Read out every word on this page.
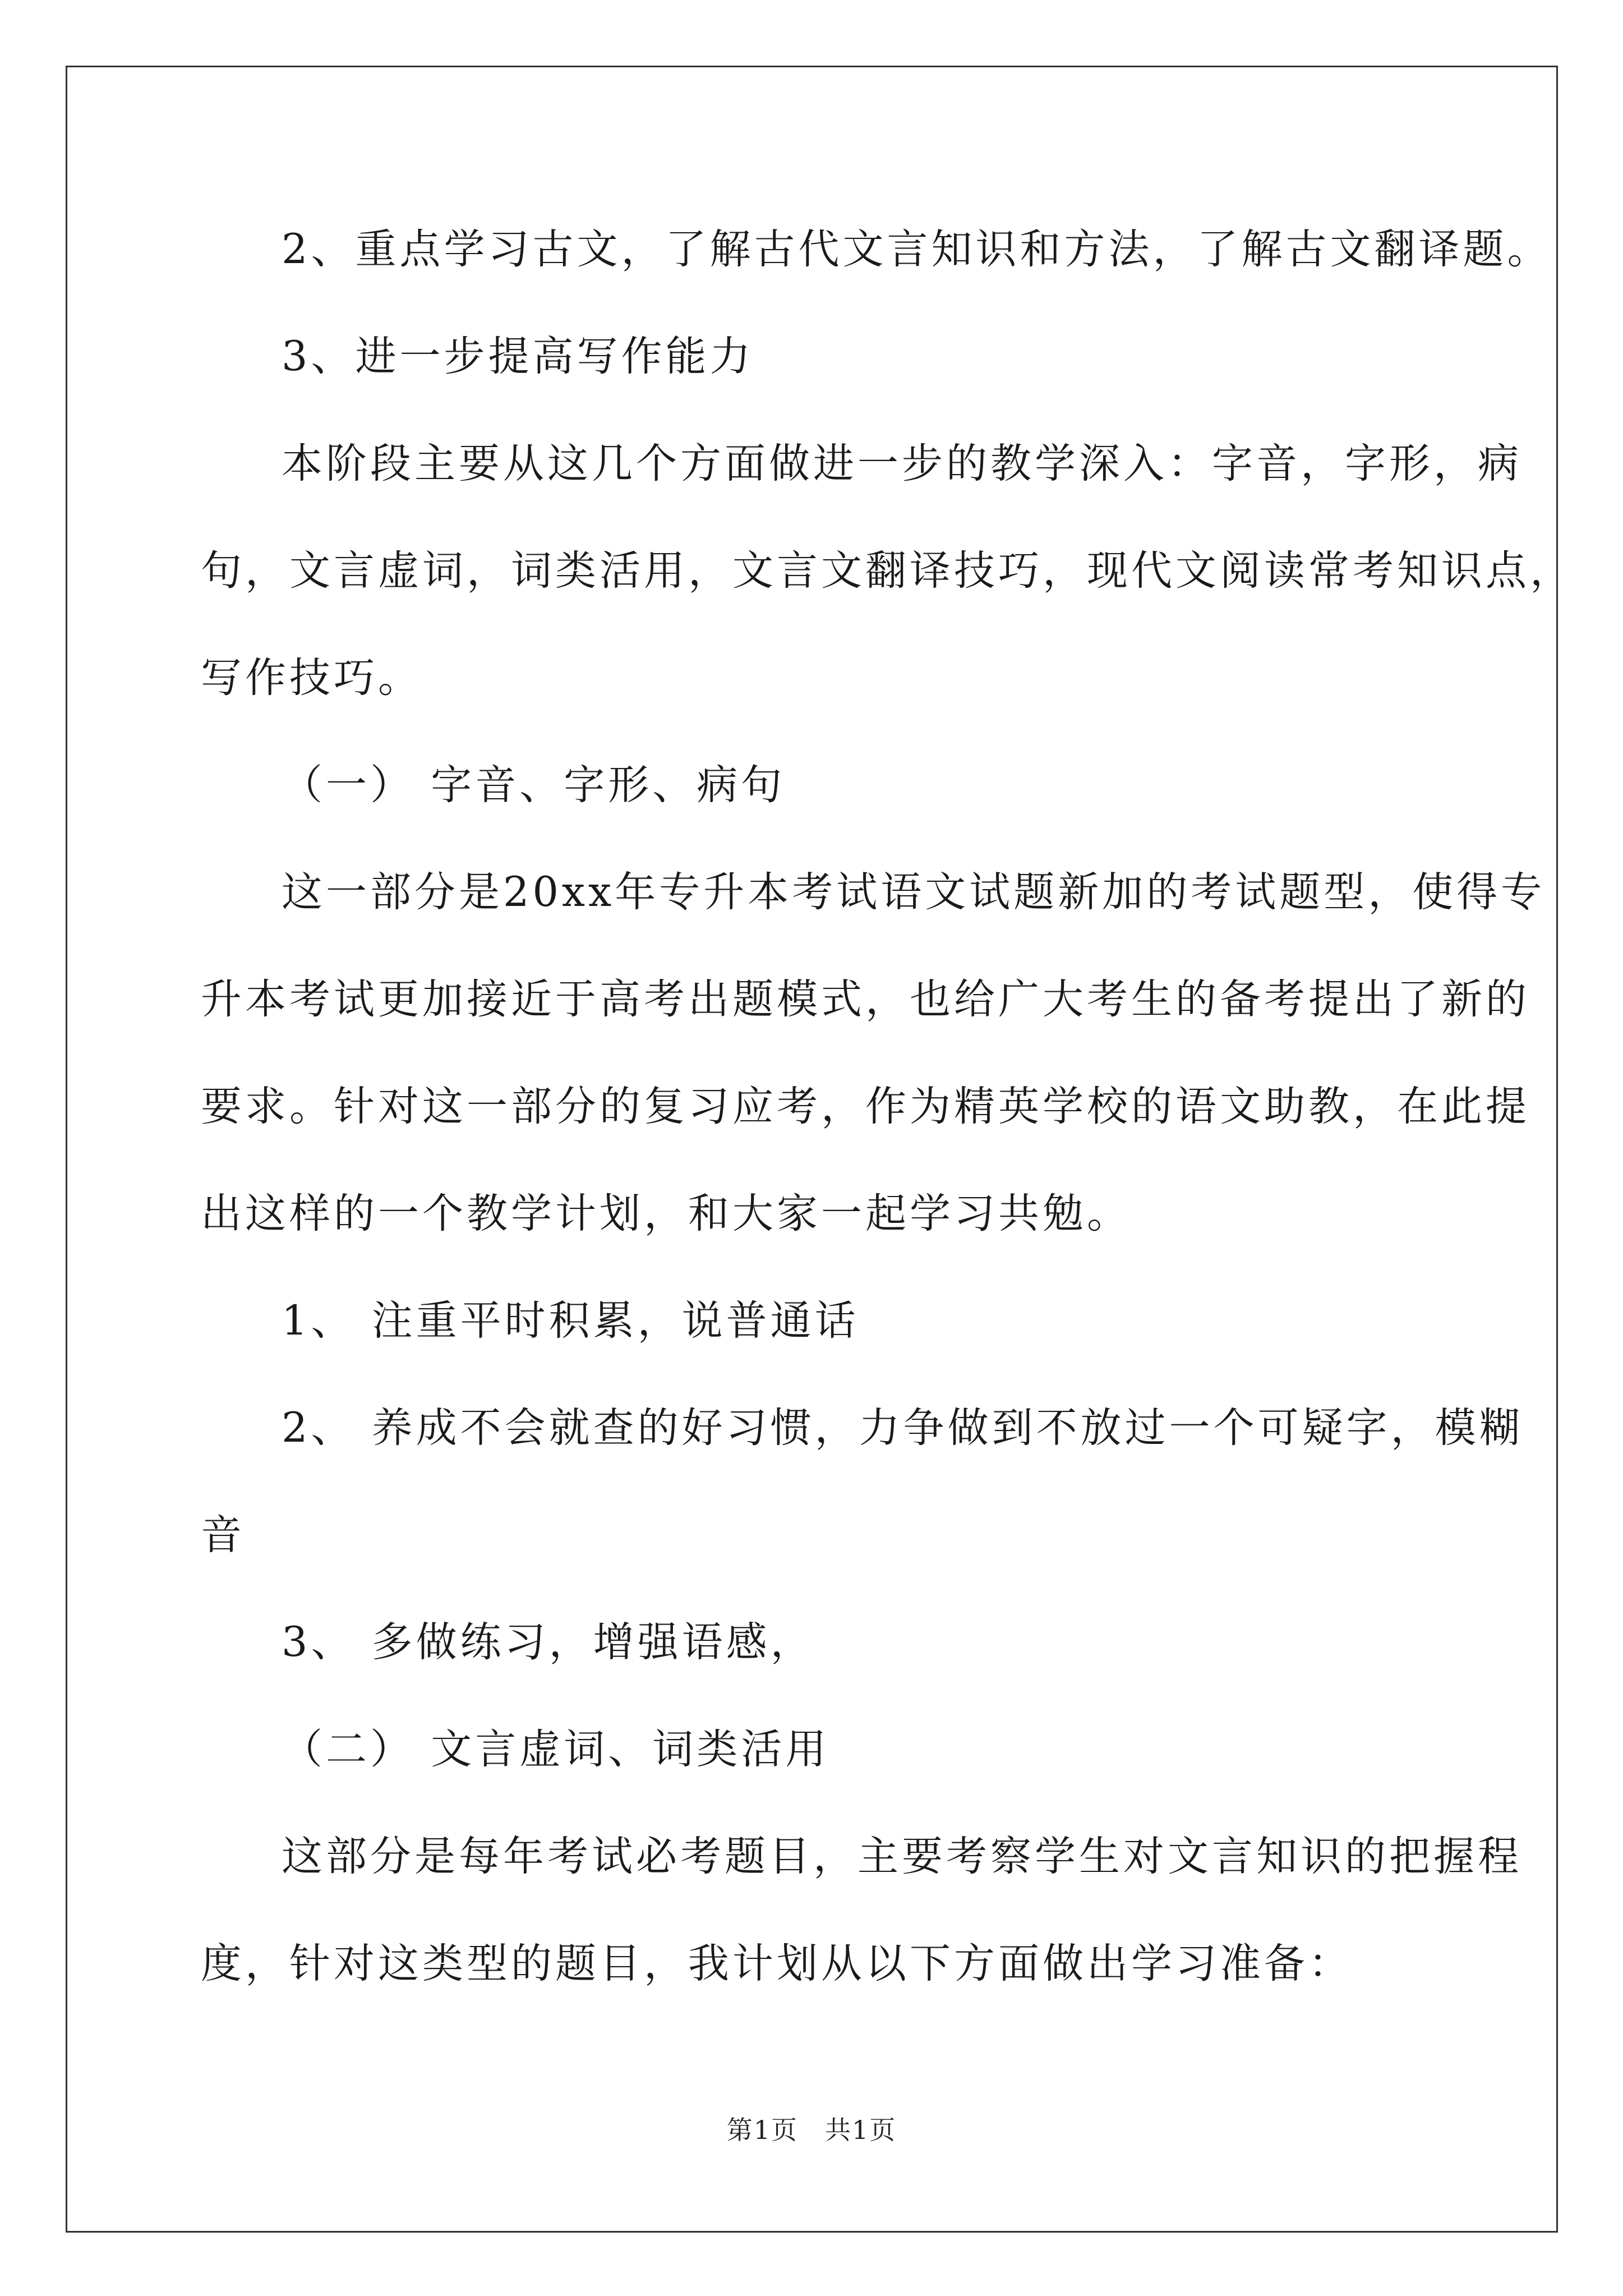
2、重点学习古文，了解古代文言知识和方法，了解古文翻译题。
3、进一步提高写作能力
本阶段主要从这几个方面做进一步的教学深入：字音，字形，病
句，文言虚词，词类活用，文言文翻译技巧，现代文阅读常考知识点，
写作技巧。
（一） 字音、字形、病句
这一部分是20xx年专升本考试语文试题新加的考试题型，使得专
升本考试更加接近于高考出题模式，也给广大考生的备考提出了新的
要求。针对这一部分的复习应考，作为精英学校的语文助教，在此提
出这样的一个教学计划，和大家一起学习共勉。
1、 注重平时积累，说普通话
2、 养成不会就查的好习惯，力争做到不放过一个可疑字，模糊
音
3、 多做练习，增强语感，
（二） 文言虚词、词类活用
这部分是每年考试必考题目，主要考察学生对文言知识的把握程
度，针对这类型的题目，我计划从以下方面做出学习准备：
第1页　共1页
